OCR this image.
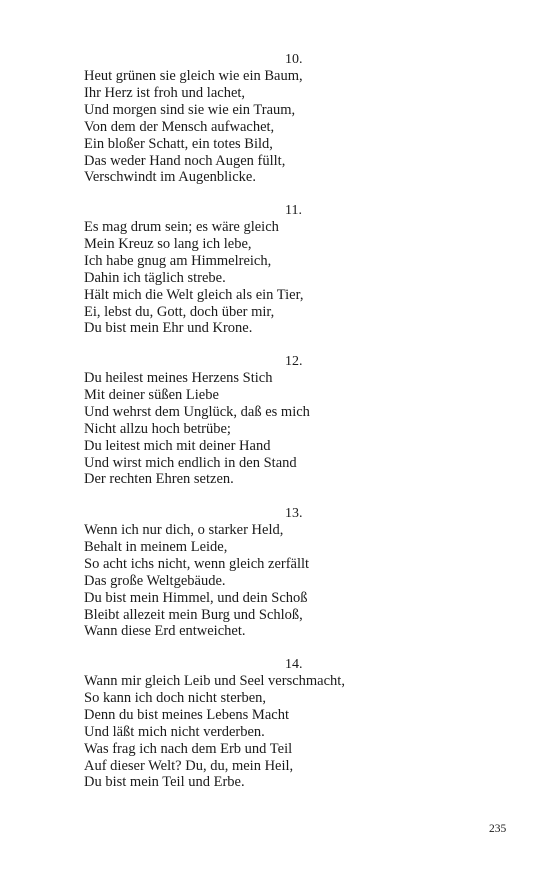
10.
Heut grünen sie gleich wie ein Baum,
Ihr Herz ist froh und lachet,
Und morgen sind sie wie ein Traum,
Von dem der Mensch aufwachet,
Ein bloßer Schatt, ein totes Bild,
Das weder Hand noch Augen füllt,
Verschwindt im Augenblicke.
11.
Es mag drum sein; es wäre gleich
Mein Kreuz so lang ich lebe,
Ich habe gnug am Himmelreich,
Dahin ich täglich strebe.
Hält mich die Welt gleich als ein Tier,
Ei, lebst du, Gott, doch über mir,
Du bist mein Ehr und Krone.
12.
Du heilest meines Herzens Stich
Mit deiner süßen Liebe
Und wehrst dem Unglück, daß es mich
Nicht allzu hoch betrübe;
Du leitest mich mit deiner Hand
Und wirst mich endlich in den Stand
Der rechten Ehren setzen.
13.
Wenn ich nur dich, o starker Held,
Behalt in meinem Leide,
So acht ichs nicht, wenn gleich zerfällt
Das große Weltgebäude.
Du bist mein Himmel, und dein Schoß
Bleibt allezeit mein Burg und Schloß,
Wann diese Erd entweichet.
14.
Wann mir gleich Leib und Seel verschmacht,
So kann ich doch nicht sterben,
Denn du bist meines Lebens Macht
Und läßt mich nicht verderben.
Was frag ich nach dem Erb und Teil
Auf dieser Welt? Du, du, mein Heil,
Du bist mein Teil und Erbe.
235
